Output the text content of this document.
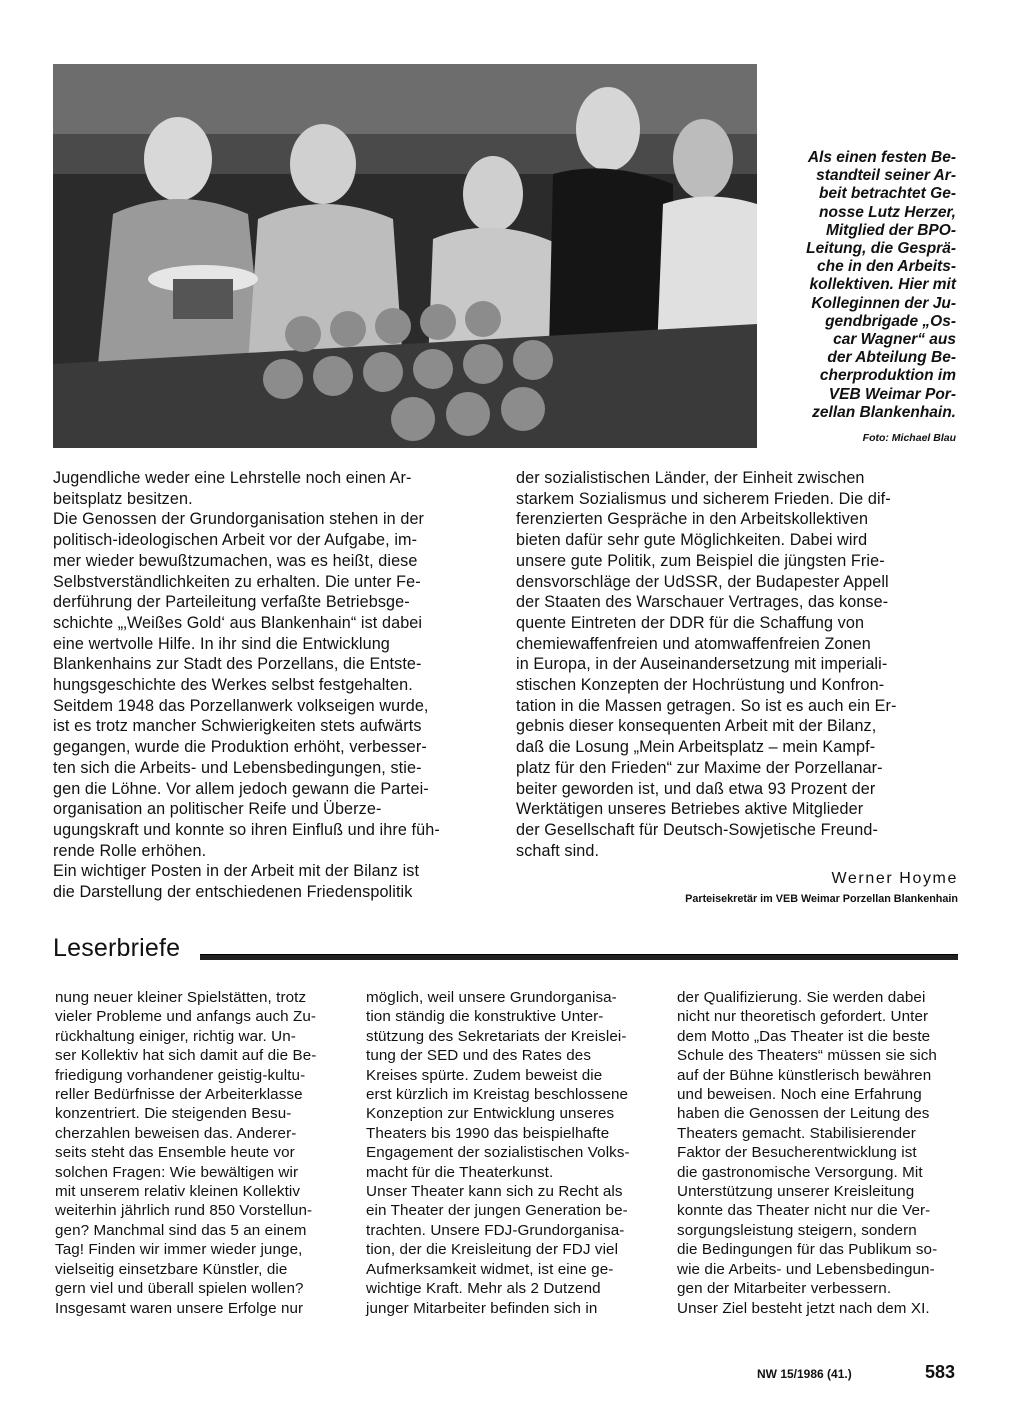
Als einen festen Be-
standteil seiner Ar-
beit betrachtet Ge-
nosse Lutz Herzer,
Mitglied der BPO-
Leitung, die Gesprä-
che in den Arbeits-
kollektiven. Hier mit
Kolleginnen der Ju-
gendbrigade „Os-
car Wagner“ aus
der Abteilung Be-
cherproduktion im
VEB Weimar Por-
zellan Blankenhain.
Foto: Michael Blau
Jugendliche weder eine Lehrstelle noch einen Ar-
beitsplatz besitzen.
Die Genossen der Grundorganisation stehen in der
politisch-ideologischen Arbeit vor der Aufgabe, im-
mer wieder bewußtzumachen, was es heißt, diese
Selbstverständlichkeiten zu erhalten. Die unter Fe-
derführung der Parteileitung verfaßte Betriebsge-
schichte „‚Weißes Gold‘ aus Blankenhain“ ist dabei
eine wertvolle Hilfe. In ihr sind die Entwicklung
Blankenhains zur Stadt des Porzellans, die Entste-
hungsgeschichte des Werkes selbst festgehalten.
Seitdem 1948 das Porzellanwerk volkseigen wurde,
ist es trotz mancher Schwierigkeiten stets aufwärts
gegangen, wurde die Produktion erhöht, verbesser-
ten sich die Arbeits- und Lebensbedingungen, stie-
gen die Löhne. Vor allem jedoch gewann die Partei-
organisation an politischer Reife und Überze-
ugungskraft und konnte so ihren Einfluß und ihre füh-
rende Rolle erhöhen.
Ein wichtiger Posten in der Arbeit mit der Bilanz ist
die Darstellung der entschiedenen Friedenspolitik
der sozialistischen Länder, der Einheit zwischen
starkem Sozialismus und sicherem Frieden. Die dif-
ferenzierten Gespräche in den Arbeitskollektiven
bieten dafür sehr gute Möglichkeiten. Dabei wird
unsere gute Politik, zum Beispiel die jüngsten Frie-
densvorschläge der UdSSR, der Budapester Appell
der Staaten des Warschauer Vertrages, das konse-
quente Eintreten der DDR für die Schaffung von
chemiewaffenfreien und atomwaffenfreien Zonen
in Europa, in der Auseinandersetzung mit imperiali-
stischen Konzepten der Hochrüstung und Konfron-
tation in die Massen getragen. So ist es auch ein Er-
gebnis dieser konsequenten Arbeit mit der Bilanz,
daß die Losung „Mein Arbeitsplatz – mein Kampf-
platz für den Frieden“ zur Maxime der Porzellanar-
beiter geworden ist, und daß etwa 93 Prozent der
Werktätigen unseres Betriebes aktive Mitglieder
der Gesellschaft für Deutsch-Sowjetische Freund-
schaft sind.
Werner Hoyme
Parteisekretär im VEB Weimar Porzellan Blankenhain
Leserbriefe
nung neuer kleiner Spielstätten, trotz
vieler Probleme und anfangs auch Zu-
rückhaltung einiger, richtig war. Un-
ser Kollektiv hat sich damit auf die Be-
friedigung vorhandener geistig-kultu-
reller Bedürfnisse der Arbeiterklasse
konzentriert. Die steigenden Besu-
cherzahlen beweisen das. Anderer-
seits steht das Ensemble heute vor
solchen Fragen: Wie bewältigen wir
mit unserem relativ kleinen Kollektiv
weiterhin jährlich rund 850 Vorstellun-
gen? Manchmal sind das 5 an einem
Tag! Finden wir immer wieder junge,
vielseitig einsetzbare Künstler, die
gern viel und überall spielen wollen?
Insgesamt waren unsere Erfolge nur
möglich, weil unsere Grundorganisa-
tion ständig die konstruktive Unter-
stützung des Sekretariats der Kreislei-
tung der SED und des Rates des
Kreises spürte. Zudem beweist die
erst kürzlich im Kreistag beschlossene
Konzeption zur Entwicklung unseres
Theaters bis 1990 das beispielhafte
Engagement der sozialistischen Volks-
macht für die Theaterkunst.
Unser Theater kann sich zu Recht als
ein Theater der jungen Generation be-
trachten. Unsere FDJ-Grundorganisa-
tion, der die Kreisleitung der FDJ viel
Aufmerksamkeit widmet, ist eine ge-
wichtige Kraft. Mehr als 2 Dutzend
junger Mitarbeiter befinden sich in
der Qualifizierung. Sie werden dabei
nicht nur theoretisch gefordert. Unter
dem Motto „Das Theater ist die beste
Schule des Theaters“ müssen sie sich
auf der Bühne künstlerisch bewähren
und beweisen. Noch eine Erfahrung
haben die Genossen der Leitung des
Theaters gemacht. Stabilisierender
Faktor der Besucherentwicklung ist
die gastronomische Versorgung. Mit
Unterstützung unserer Kreisleitung
konnte das Theater nicht nur die Ver-
sorgungsleistung steigern, sondern
die Bedingungen für das Publikum so-
wie die Arbeits- und Lebensbedingun-
gen der Mitarbeiter verbessern.
Unser Ziel besteht jetzt nach dem XI.
NW 15/1986 (41.)	583
